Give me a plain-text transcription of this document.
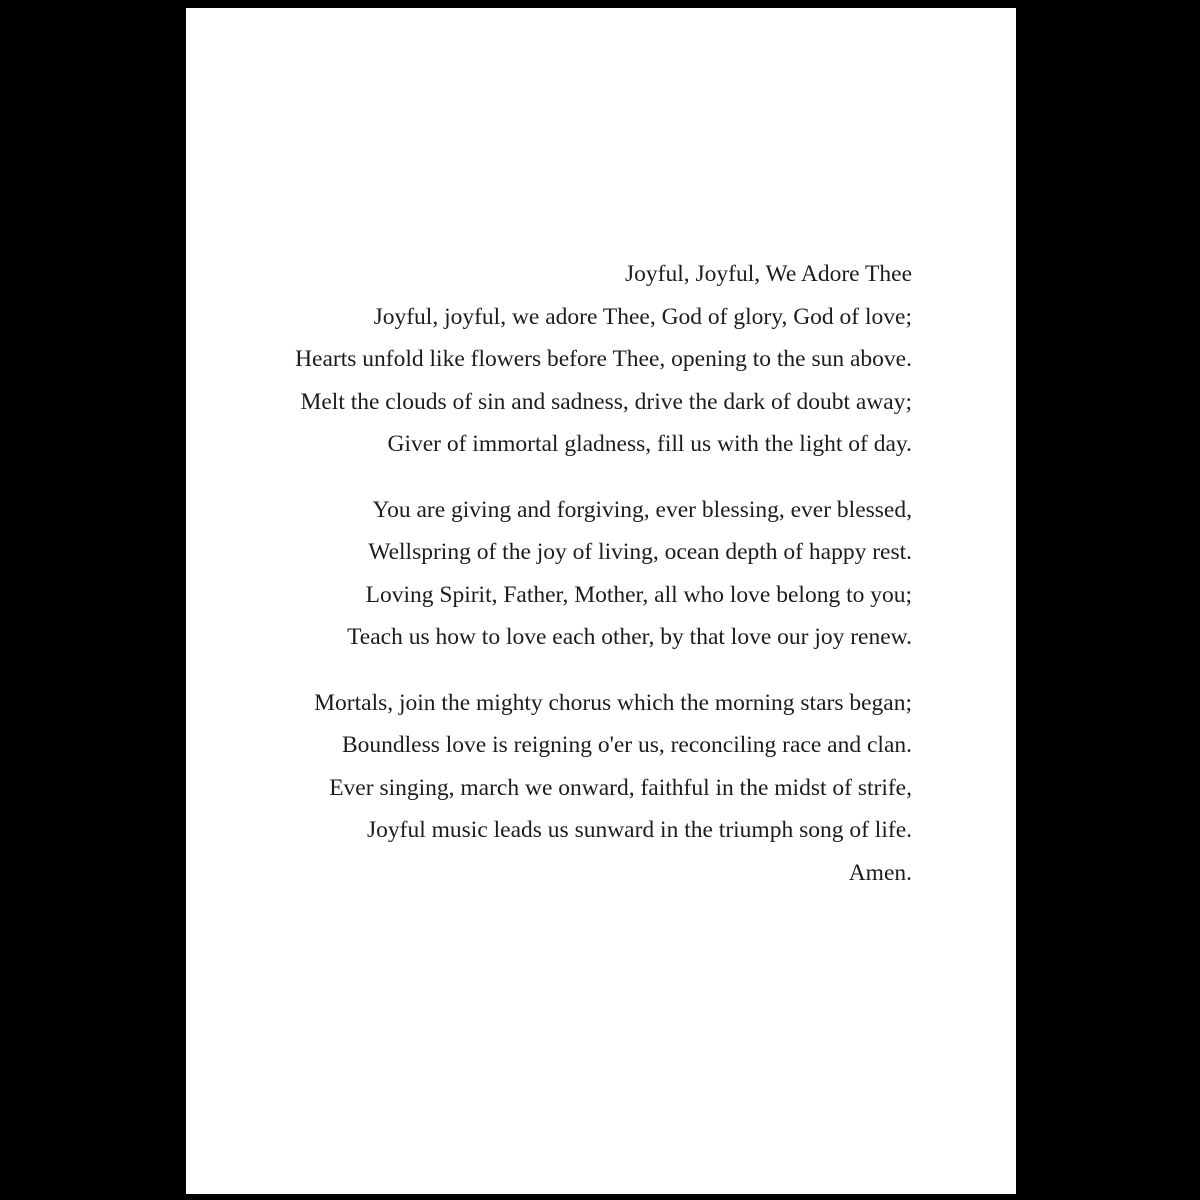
Joyful, Joyful, We Adore Thee
Joyful, joyful, we adore Thee, God of glory, God of love;
Hearts unfold like flowers before Thee, opening to the sun above.
Melt the clouds of sin and sadness, drive the dark of doubt away;
Giver of immortal gladness, fill us with the light of day.
You are giving and forgiving, ever blessing, ever blessed,
Wellspring of the joy of living, ocean depth of happy rest.
Loving Spirit, Father, Mother, all who love belong to you;
Teach us how to love each other, by that love our joy renew.
Mortals, join the mighty chorus which the morning stars began;
Boundless love is reigning o'er us, reconciling race and clan.
Ever singing, march we onward, faithful in the midst of strife,
Joyful music leads us sunward in the triumph song of life.
Amen.
